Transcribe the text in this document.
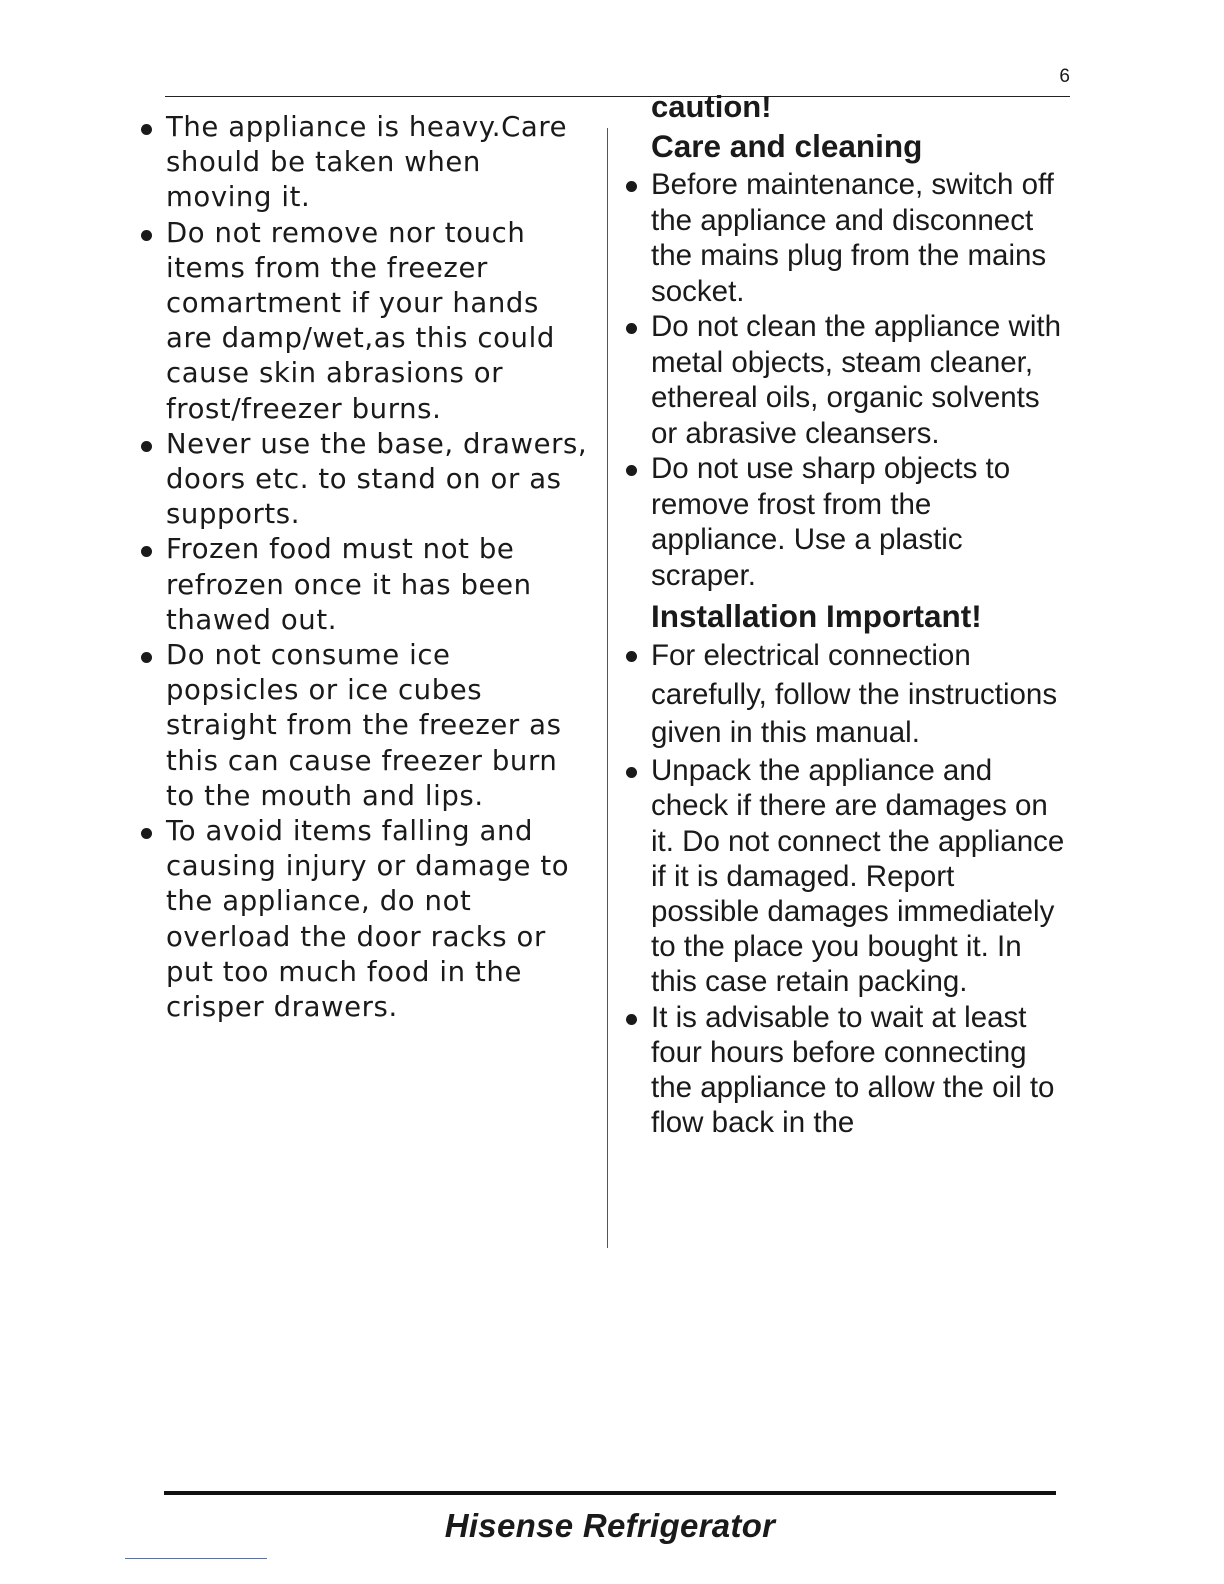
6
The appliance is heavy.Care should be taken when moving it.
Do not remove nor touch items from the freezer comartment if your hands are damp/wet,as this could cause skin abrasions or frost/freezer burns.
Never use the base, drawers, doors etc. to stand on or as supports.
Frozen food must not be refrozen once it has been thawed out.
Do not consume ice popsicles or ice cubes straight from the freezer as this can cause freezer burn to the mouth and lips.
To avoid items falling and causing injury or damage to the appliance, do not overload the door racks or put too much food in the crisper drawers.
caution!
Care and cleaning
Before maintenance, switch off the appliance and disconnect the mains plug from the mains socket.
Do not clean the appliance with metal objects, steam cleaner, ethereal oils, organic solvents or abrasive cleansers.
Do not use sharp objects to remove frost from the appliance. Use a plastic scraper.
Installation Important!
For electrical connection carefully, follow the instructions given in this manual.
Unpack the appliance and check if there are damages on it. Do not connect the appliance if it is damaged. Report possible damages immediately to the place you bought it. In this case retain packing.
It is advisable to wait at least four hours before connecting the appliance to allow the oil to flow back in the
Hisense Refrigerator
